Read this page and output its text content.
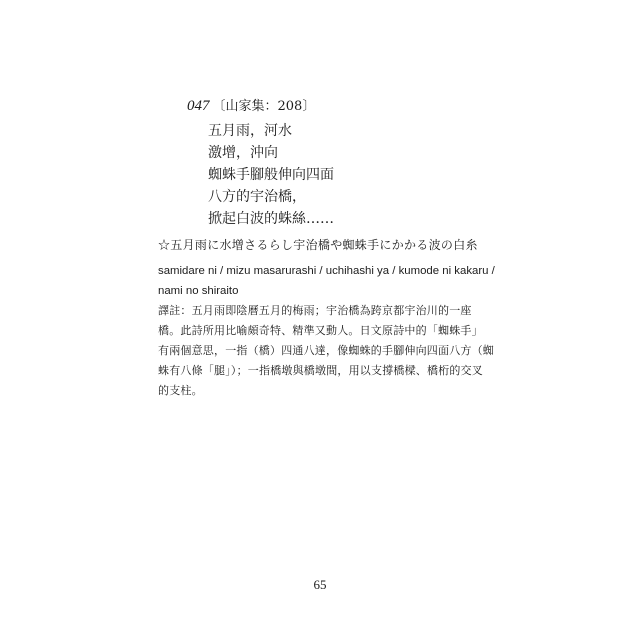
047 〔山家集：208〕
五月雨，河水
激增，沖向
蜘蛛手腳般伸向四面
八方的宇治橋，
掀起白波的蛛絲……
☆五月雨に水增さるらし宇治橋や蜘蛛手にかかる波の白糸
samidare ni / mizu masarurashi / uchihashi ya / kumode ni kakaru /
nami no shiraito
譯註：五月雨即陰曆五月的梅雨；宇治橋為跨京都宇治川的一座
橋。此詩所用比喻頗奇特、精準又動人。日文原詩中的「蜘蛛手」
有兩個意思，一指（橋）四通八達，像蜘蛛的手腳伸向四面八方（蜘
蛛有八條「腿」）；一指橋墩與橋墩間，用以支撐橋樑、橋桁的交叉
的支柱。
65
